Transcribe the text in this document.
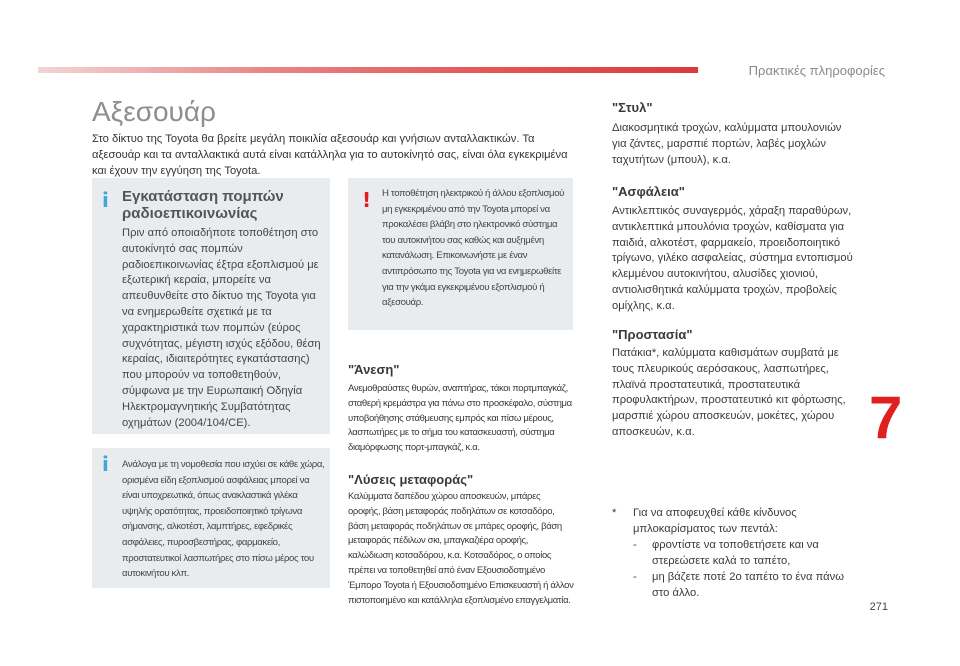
Πρακτικές πληροφορίες
Αξεσουάρ
Στο δίκτυο της Toyota θα βρείτε μεγάλη ποικιλία αξεσουάρ και γνήσιων ανταλλακτικών. Τα αξεσουάρ και τα ανταλλακτικά αυτά είναι κατάλληλα για το αυτοκίνητό σας, είναι όλα εγκεκριμένα και έχουν την εγγύηση της Toyota.
i Εγκατάσταση πομπών ραδιοεπικοινωνίας
Πριν από οποιαδήποτε τοποθέτηση στο αυτοκίνητό σας πομπών ραδιοεπικοινωνίας έξτρα εξοπλισμού με εξωτερική κεραία, μπορείτε να απευθυνθείτε στο δίκτυο της Toyota για να ενημερωθείτε σχετικά με τα χαρακτηριστικά των πομπών (εύρος συχνότητας, μέγιστη ισχύς εξόδου, θέση κεραίας, ιδιαιτερότητες εγκατάστασης) που μπορούν να τοποθετηθούν, σύμφωνα με την Ευρωπαική Οδηγία Ηλεκτρομαγνητικής Συμβατότητας οχημάτων (2004/104/CE).
i Ανάλογα με τη νομοθεσία που ισχύει σε κάθε χώρα, ορισμένα είδη εξοπλισμού ασφάλειας μπορεί να είναι υποχρεωτικά, όπως ανακλαστικά γιλέκα υψηλής ορατότητας, προειδοποιητικό τρίγωνα σήμανσης, αλκοτέστ, λαμπτήρες, εφεδρικές ασφάλειες, πυροσβεστήρας, φαρμακείο, προστατευτικοί λασπωτήρες στο πίσω μέρος του αυτοκινήτου κλπ.
! Η τοποθέτηση ηλεκτρικού ή άλλου εξοπλισμού μη εγκεκριμένου από την Toyota μπορεί να προκαλέσει βλάβη στο ηλεκτρονικό σύστημα του αυτοκινήτου σας καθώς και αυξημένη κατανάλωση. Επικοινωνήστε με έναν αντιπρόσωπο της Toyota για να ενημερωθείτε για την γκάμα εγκεκριμένου εξοπλισμού ή αξεσουάρ.
"Άνεση"
Ανεμοθραύστες θυρών, αναπτήρας, τάκοι πορτμπαγκάζ, σταθερή κρεμάστρα για πάνω στο προσκέφαλο, σύστημα υποβοήθησης στάθμευσης εμπρός και πίσω μέρους, λασπωτήρες με το σήμα του κατασκευαστή, σύστημα διαμόρφωσης πορτ-μπαγκάζ, κ.α.
"Λύσεις μεταφοράς"
Καλύμματα δαπέδου χώρου αποσκευών, μπάρες οροφής, βάση μεταφοράς ποδηλάτων σε κοτσαδόρο, βάση μεταφοράς ποδηλάτων σε μπάρες οροφής, βάση μεταφοράς πέδιλων σκι, μπαγκαζιέρα οροφής, καλώδιωση κοτσαδόρου, κ.α. Κοτσαδόρος, ο οποίος πρέπει να τοποθετηθεί από έναν Εξουσιοδοτημένο Έμπορο Toyota ή Εξουσιοδοτημένο Επισκευαστή ή άλλον πιστοποιημένο και κατάλληλα εξοπλισμένο επαγγελματία.
"Στυλ"
Διακοσμητικά τροχών, καλύμματα μπουλονιών για ζάντες, μαρσπιέ πορτών, λαβές μοχλών ταχυτήτων (μπουλ), κ.α.
"Ασφάλεια"
Αντικλεπτικός συναγερμός, χάραξη παραθύρων, αντικλεπτικά μπουλόνια τροχών, καθίσματα για παιδιά, αλκοτέστ, φαρμακείο, προειδοποιητικό τρίγωνο, γιλέκο ασφαλείας, σύστημα εντοπισμού κλεμμένου αυτοκινήτου, αλυσίδες χιονιού, αντιολισθητικά καλύμματα τροχών, προβολείς ομίχλης, κ.α.
"Προστασία"
Πατάκια*, καλύμματα καθισμάτων συμβατά με τους πλευρικούς αερόσακους, λασπωτήρες, πλαϊνά προστατευτικά, προστατευτικά προφυλακτήρων, προστατευτικό κιτ φόρτωσης, μαρσπιέ χώρου αποσκευών, μοκέτες, χώρου αποσκευών, κ.α.	7
* Για να αποφευχθεί κάθε κίνδυνος μπλοκαρίσματος των πεντάλ:
- φροντίστε να τοποθετήσετε και να στερεώσετε καλά το ταπέτο,
- μη βάζετε ποτέ 2ο ταπέτο το ένα πάνω στο άλλο.
271
